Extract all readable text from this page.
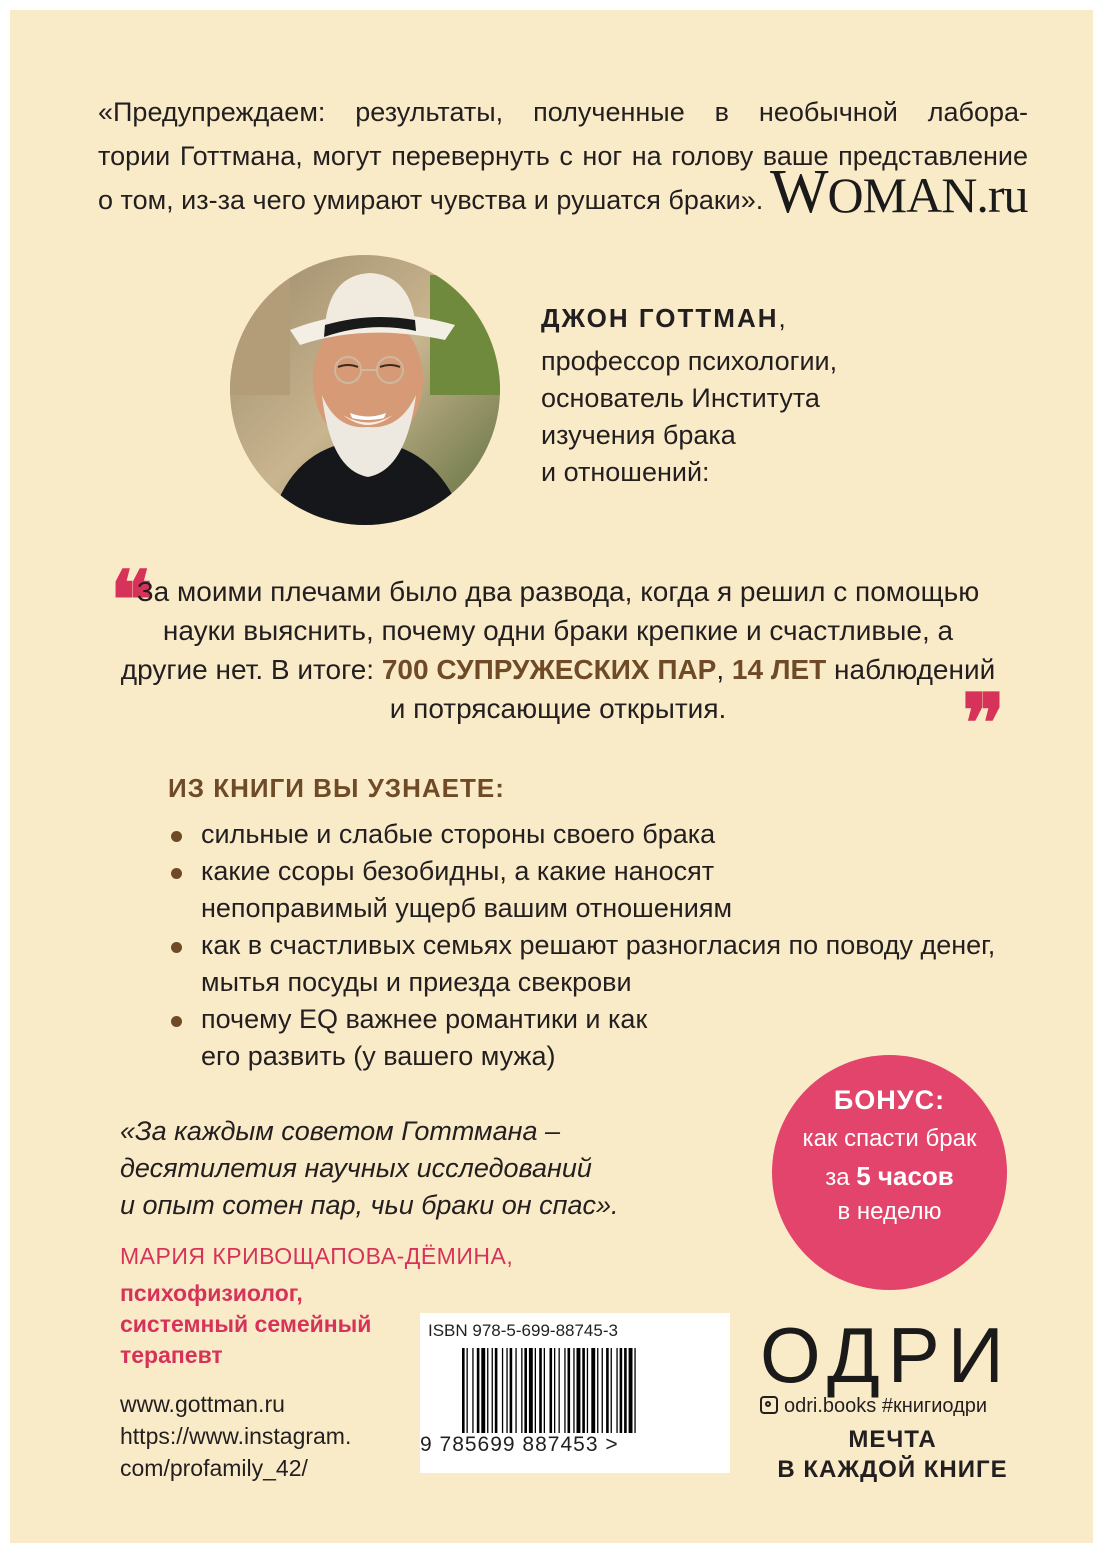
«Предупреждаем: результаты, полученные в необычной лабора-
тории Готтмана, могут перевернуть с ног на голову ваше представление
о том, из-за чего умирают чувства и рушатся браки». WOMAN.ru
ДЖОН ГОТТМАН,
профессор психологии,
основатель Института
изучения брака
и отношений:
❝
За моими плечами было два развода, когда я решил с помощью науки выяснить, почему одни браки крепкие и счастливые, а другие нет. В итоге: 700 СУПРУЖЕСКИХ ПАР, 14 ЛЕТ наблюдений и потрясающие открытия.	❞
ИЗ КНИГИ ВЫ УЗНАЕТЕ:
сильные и слабые стороны своего брака
какие ссоры безобидны, а какие наносят непоправимый ущерб вашим отношениям
как в счастливых семьях решают разногласия по поводу денег, мытья посуды и приезда свекрови
почему EQ важнее романтики и как его развить (у вашего мужа)
«За каждым советом Готтмана –
десятилетия научных исследований
и опыт сотен пар, чьи браки он спас».
МАРИЯ КРИВОЩАПОВА-ДЁМИНА,
психофизиолог,
системный семейный
терапевт
БОНУС:
как спасти брак
за 5 часов
в неделю
ISBN 978-5-699-88745-3
9 785699 887453 >
www.gottman.ru
https://www.instagram.
com/profamily_42/
ОДРИ
odri.books #книгиодри
МЕЧТА
В КАЖДОЙ КНИГЕ
